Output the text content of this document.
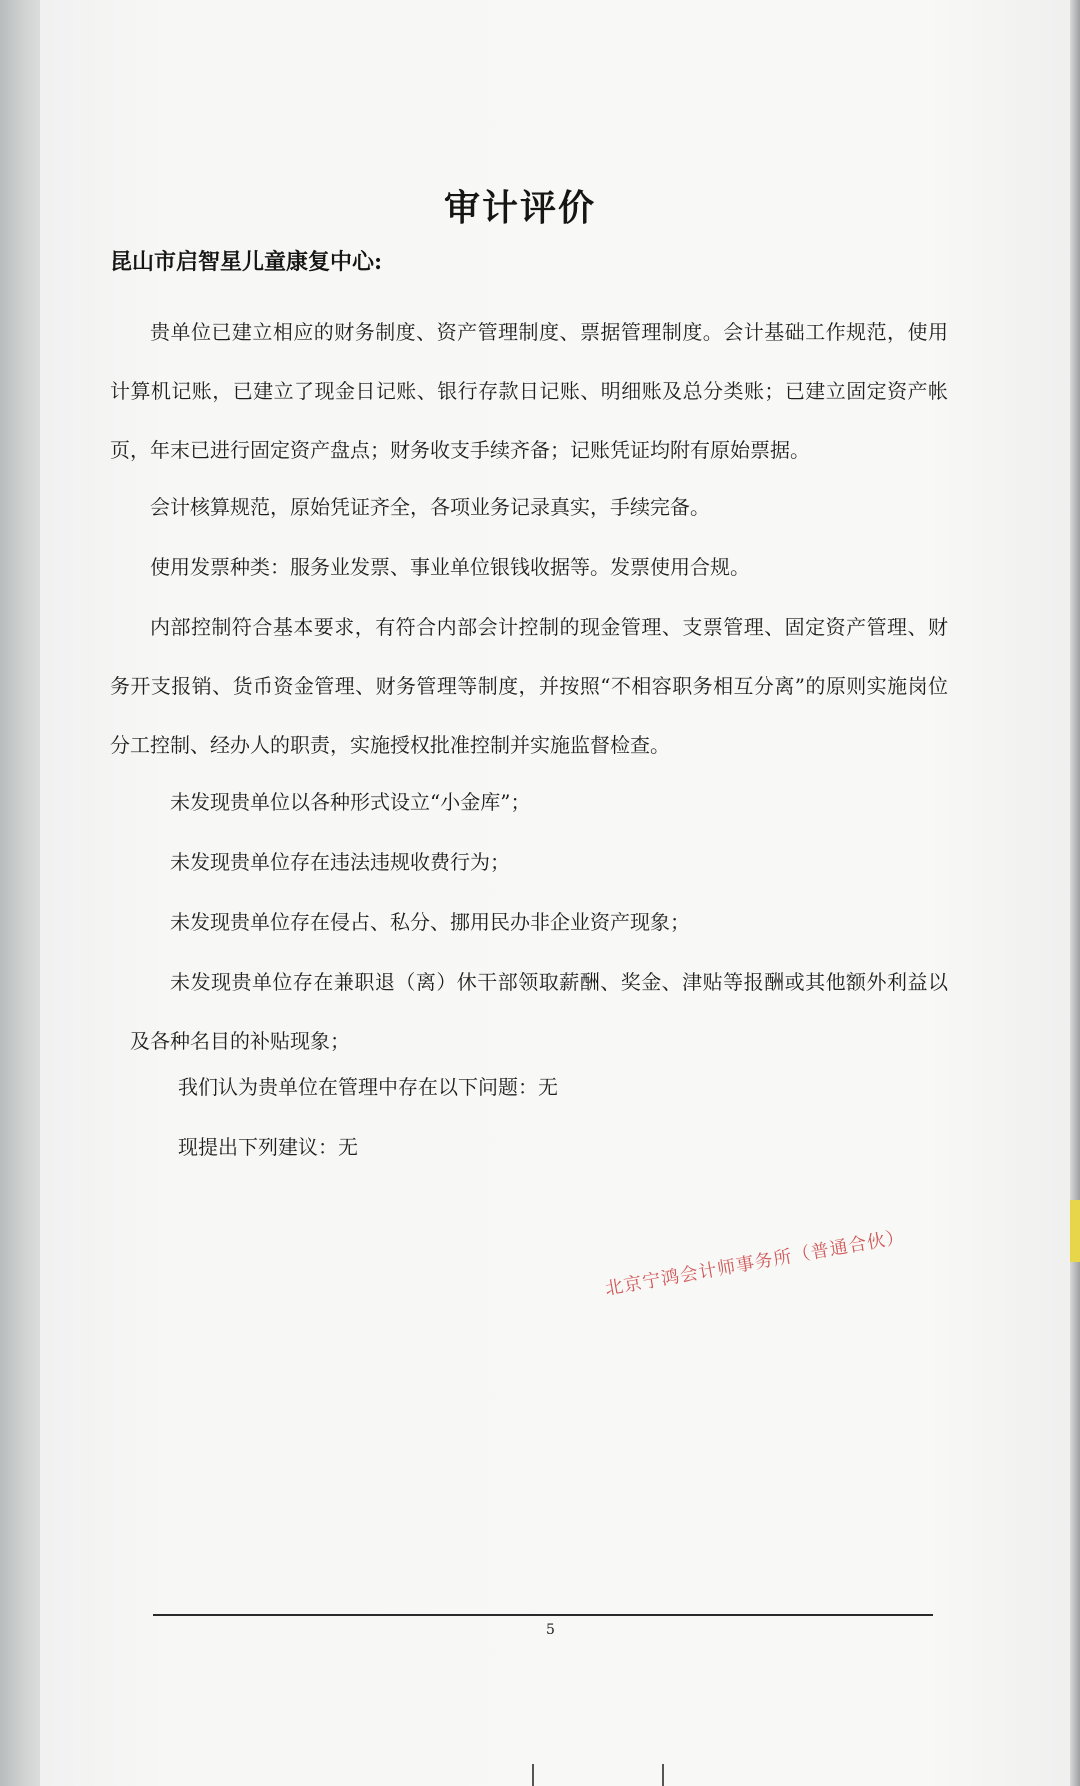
审计评价
昆山市启智星儿童康复中心:
贵单位已建立相应的财务制度、资产管理制度、票据管理制度。会计基础工作规范，使用计算机记账，已建立了现金日记账、银行存款日记账、明细账及总分类账；已建立固定资产帐页，年末已进行固定资产盘点；财务收支手续齐备；记账凭证均附有原始票据。
会计核算规范，原始凭证齐全，各项业务记录真实，手续完备。
使用发票种类：服务业发票、事业单位银钱收据等。发票使用合规。
内部控制符合基本要求，有符合内部会计控制的现金管理、支票管理、固定资产管理、财务开支报销、货币资金管理、财务管理等制度，并按照“不相容职务相互分离”的原则实施岗位分工控制、经办人的职责，实施授权批准控制并实施监督检查。
未发现贵单位以各种形式设立“小金库”；
未发现贵单位存在违法违规收费行为；
未发现贵单位存在侵占、私分、挪用民办非企业资产现象；
未发现贵单位存在兼职退（离）休干部领取薪酬、奖金、津贴等报酬或其他额外利益以及各种名目的补贴现象；
我们认为贵单位在管理中存在以下问题：无
现提出下列建议：无
北京宁鸿会计师事务所（普通合伙）
5
